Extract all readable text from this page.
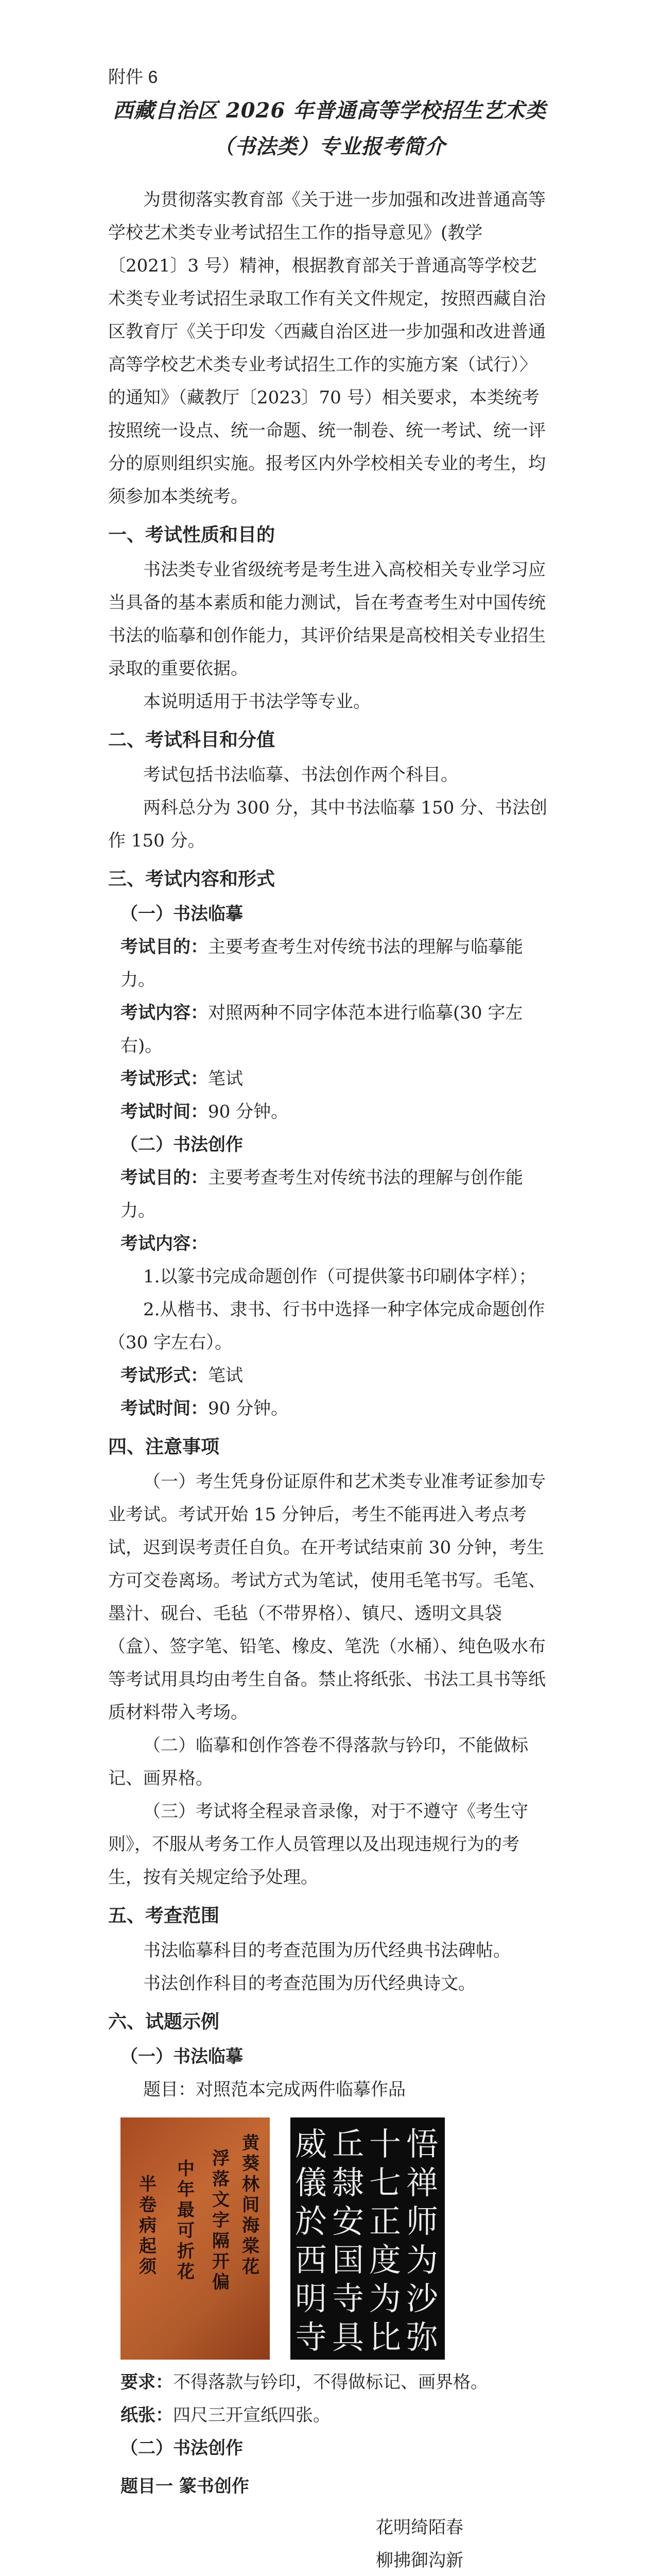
附件 6
西藏自治区 2026 年普通高等学校招生艺术类
（书法类）专业报考简介

为贯彻落实教育部《关于进一步加强和改进普通高等学校艺术类专业考试招生工作的指导意见》(教学〔2021〕3 号）精神，根据教育部关于普通高等学校艺术类专业考试招生录取工作有关文件规定，按照西藏自治区教育厅《关于印发〈西藏自治区进一步加强和改进普通高等学校艺术类专业考试招生工作的实施方案（试行）〉的通知》（藏教厅〔2023〕70 号）相关要求，本类统考按照统一设点、统一命题、统一制卷、统一考试、统一评分的原则组织实施。报考区内外学校相关专业的考生，均须参加本类统考。

一、考试性质和目的

书法类专业省级统考是考生进入高校相关专业学习应当具备的基本素质和能力测试，旨在考查考生对中国传统书法的临摹和创作能力，其评价结果是高校相关专业招生录取的重要依据。

本说明适用于书法学等专业。

二、考试科目和分值

考试包括书法临摹、书法创作两个科目。

两科总分为 300 分，其中书法临摹 150 分、书法创作 150 分。

三、考试内容和形式
（一）书法临摹
考试目的：主要考查考生对传统书法的理解与临摹能力。
考试内容：对照两种不同字体范本进行临摹(30 字左右)。
考试形式：笔试
考试时间：90 分钟。
（二）书法创作
考试目的：主要考查考生对传统书法的理解与创作能力。
考试内容：

1.以篆书完成命题创作（可提供篆书印刷体字样）；

2.从楷书、隶书、行书中选择一种字体完成命题创作（30 字左右）。

考试形式：笔试
考试时间：90 分钟。
四、注意事项

（一）考生凭身份证原件和艺术类专业准考证参加专业考试。考试开始 15 分钟后，考生不能再进入考点考试，迟到误考责任自负。在开考试结束前 30 分钟，考生方可交卷离场。考试方式为笔试，使用毛笔书写。毛笔、墨汁、砚台、毛毡（不带界格）、镇尺、透明文具袋（盒）、签字笔、铅笔、橡皮、笔洗（水桶）、纯色吸水布等考试用具均由考生自备。禁止将纸张、书法工具书等纸质材料带入考场。

（二）临摹和创作答卷不得落款与钤印，不能做标记、画界格。

（三）考试将全程录音录像，对于不遵守《考生守则》，不服从考务工作人员管理以及出现违规行为的考生，按有关规定给予处理。

五、考查范围

书法临摹科目的考查范围为历代经典书法碑帖。

书法创作科目的考查范围为历代经典诗文。

六、试题示例
（一）书法临摹

题目：对照范本完成两件临摹作品

黄葵林间海棠花
浮落文字隔开偏
中年最可折花
半卷病起须
悟禅师为沙弥
十七正度为比
丘隸安国寺具
威儀於西明寺
要求：不得落款与钤印，不得做标记、画界格。
纸张：四尺三开宣纸四张。
（二）书法创作
题目一 篆书创作
花明绮陌春
柳拂御沟新
